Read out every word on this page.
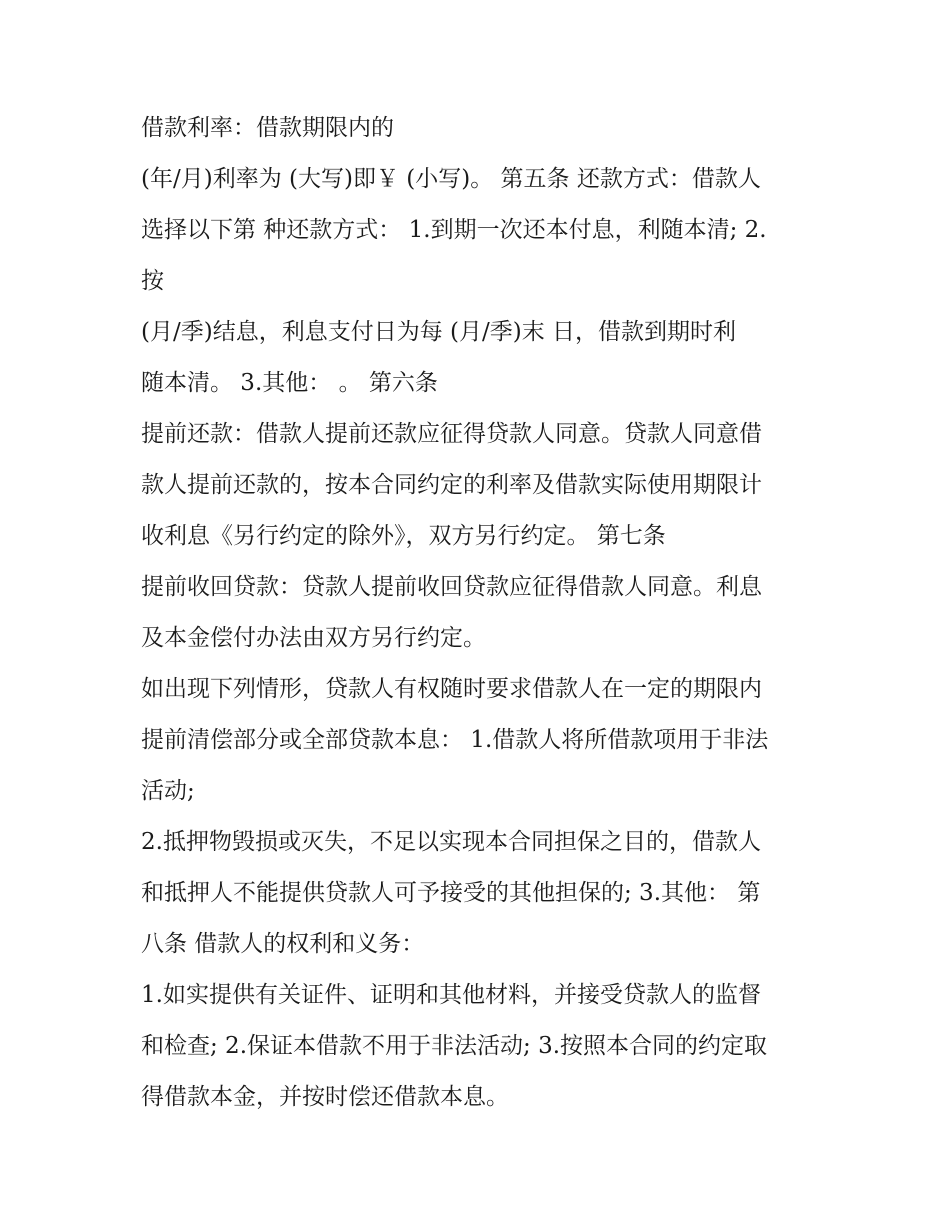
借款利率：借款期限内的
(年/月)利率为 (大写)即￥ (小写)。 第五条 还款方式：借款人
选择以下第 种还款方式： 1.到期一次还本付息，利随本清; 2.
按
(月/季)结息，利息支付日为每 (月/季)末 日，借款到期时利
随本清。 3.其他： 。 第六条
提前还款：借款人提前还款应征得贷款人同意。贷款人同意借
款人提前还款的，按本合同约定的利率及借款实际使用期限计
收利息《另行约定的除外》，双方另行约定。 第七条
提前收回贷款：贷款人提前收回贷款应征得借款人同意。利息
及本金偿付办法由双方另行约定。
如出现下列情形，贷款人有权随时要求借款人在一定的期限内
提前清偿部分或全部贷款本息： 1.借款人将所借款项用于非法
活动;
2.抵押物毁损或灭失，不足以实现本合同担保之目的，借款人
和抵押人不能提供贷款人可予接受的其他担保的; 3.其他： 第
八条 借款人的权利和义务：
1.如实提供有关证件、证明和其他材料，并接受贷款人的监督
和检查; 2.保证本借款不用于非法活动; 3.按照本合同的约定取
得借款本金，并按时偿还借款本息。
